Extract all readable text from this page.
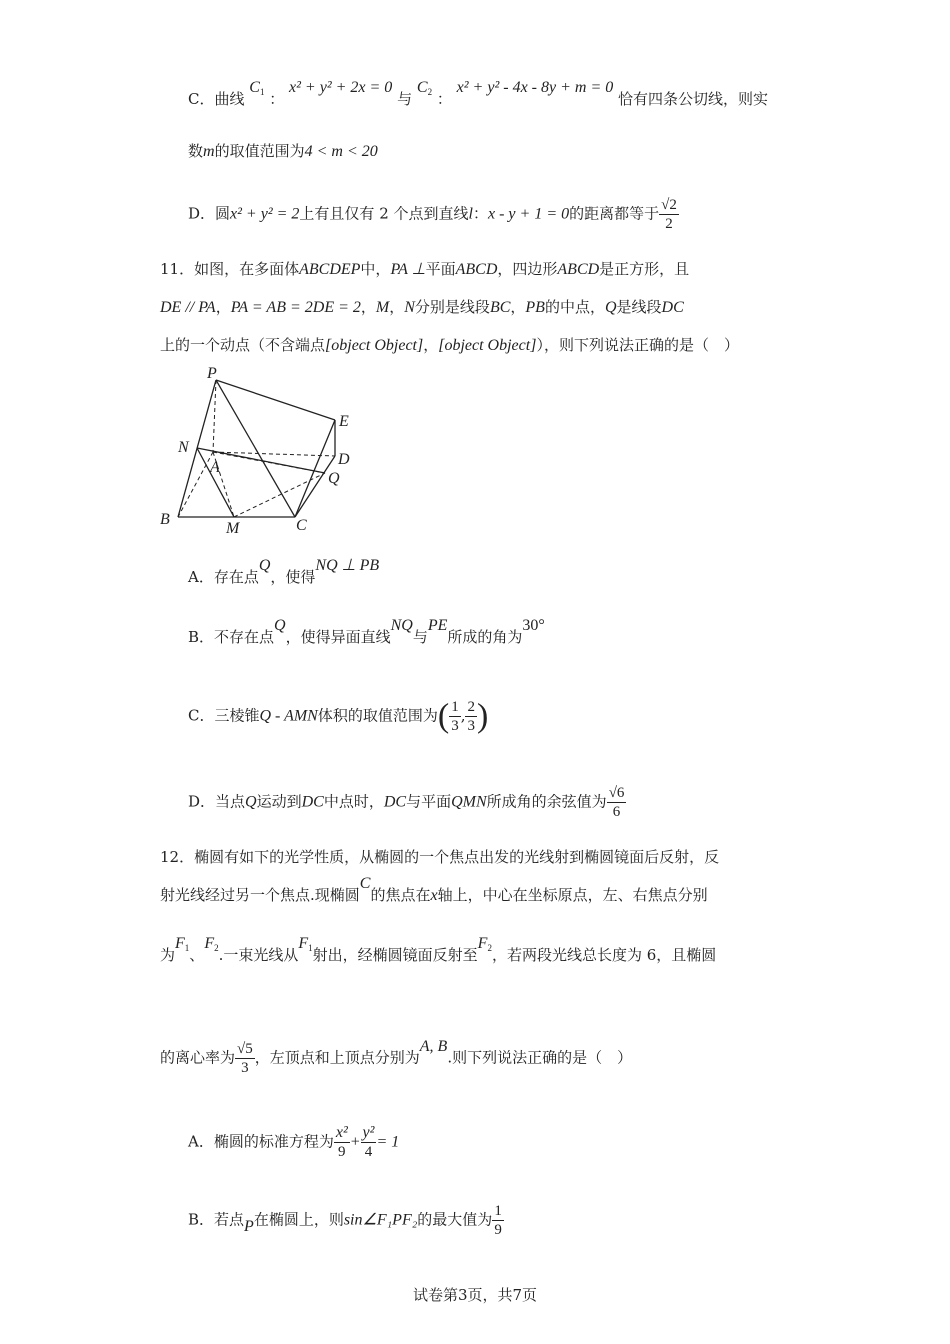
C．曲线 $C_1$ ： x² + y² + 2x = 0 与 $C_2$ ： x² + y² - 4x - 8y + m = 0 恰有四条公切线，则实
数m的取值范围为4 < m < 20
D．圆x² + y² = 2上有且仅有 2 个点到直线l：x - y + 1 = 0的距离都等于 $\frac{√2}{2}$
11．如图，在多面体ABCDEP中，PA ⊥平面ABCD，四边形ABCD是正方形，且
DE // PA，PA = AB = 2DE = 2，M，N分别是线段BC，PB的中点，Q是线段DC
上的一个动点（不含端点[object Object]，[object Object]），则下列说法正确的是（　）
P
E
N
A	D
Q
B
M	C
A．存在点Q，使得NQ ⊥ PB
B．不存在点Q，使得异面直线NQ与PE所成的角为30°
C．三棱锥Q - AMN体积的取值范围为( $\frac{1}{3}$ , $\frac{2}{3}$ )
D．当点Q运动到DC中点时，DC与平面QMN所成角的余弦值为 $\frac{√6}{6}$
12．椭圆有如下的光学性质，从椭圆的一个焦点出发的光线射到椭圆镜面后反射，反
射光线经过另一个焦点.现椭圆C的焦点在x轴上，中心在坐标原点，左、右焦点分别
为$F_1$、$F_2$.一束光线从$F_1$射出，经椭圆镜面反射至$F_2$，若两段光线总长度为 6，且椭圆
的离心率为 $\frac{√5}{3}$ ，左顶点和上顶点分别为A, B.则下列说法正确的是（　）
A．椭圆的标准方程为 $\frac{\text{x²}}{9} + \frac{\text{y²}}{4} = 1$
B．若点P在椭圆上，则sin∠F₁PF₂的最大值为 $\frac{1}{9}$
试卷第3页，共7页
